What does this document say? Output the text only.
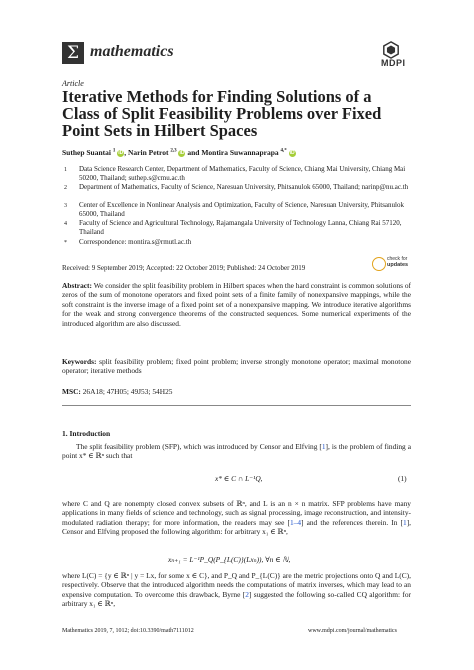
Σ mathematics
MDPI
Article
Iterative Methods for Finding Solutions of a Class of Split Feasibility Problems over Fixed Point Sets in Hilbert Spaces
Suthep Suantai $^1$ iD, Narin Petrot $^{2,3}$ iD and Montira Suwannaprapa $^{4,*}$ iD
1 Data Science Research Center, Department of Mathematics, Faculty of Science, Chiang Mai University, Chiang Mai 50200, Thailand; suthep.s@cmu.ac.th
2 Department of Mathematics, Faculty of Science, Naresuan University, Phitsanulok 65000, Thailand; narinp@nu.ac.th
3 Center of Excellence in Nonlinear Analysis and Optimization, Faculty of Science, Naresuan University, Phitsanulok 65000, Thailand
4 Faculty of Science and Agricultural Technology, Rajamangala University of Technology Lanna, Chiang Rai 57120, Thailand
* Correspondence: montira.s@rmutl.ac.th
Received: 9 September 2019; Accepted: 22 October 2019; Published: 24 October 2019
check for
updates
Abstract: We consider the split feasibility problem in Hilbert spaces when the hard constraint is common solutions of zeros of the sum of monotone operators and fixed point sets of a finite family of nonexpansive mappings, while the soft constraint is the inverse image of a fixed point set of a nonexpansive mapping. We introduce iterative algorithms for the weak and strong convergence theorems of the constructed sequences. Some numerical experiments of the introduced algorithm are also discussed.
Keywords: split feasibility problem; fixed point problem; inverse strongly monotone operator; maximal monotone operator; iterative methods
MSC: 26A18; 47H05; 49J53; 54H25
1. Introduction
The split feasibility problem (SFP), which was introduced by Censor and Elfving [1], is the problem of finding a point x* ∈ ℝⁿ such that
x* ∈ C ∩ L⁻¹Q,	(1)
where C and Q are nonempty closed convex subsets of ℝⁿ, and L is an n × n matrix. SFP problems have many applications in many fields of science and technology, such as signal processing, image reconstruction, and intensity-modulated radiation therapy; for more information, the readers may see [1–4] and the references therein. In [1], Censor and Elfving proposed the following algorithm: for arbitrary x₁ ∈ ℝⁿ,
xₙ₊₁ = L⁻¹P_Q(P_{L(C)}(Lxₙ)), ∀n ∈ ℕ,
where L(C) = {y ∈ ℝⁿ | y = Lx, for some x ∈ C}, and P_Q and P_{L(C)} are the metric projections onto Q and L(C), respectively. Observe that the introduced algorithm needs the computations of matrix inverses, which may lead to an expensive computation. To overcome this drawback, Byrne [2] suggested the following so-called CQ algorithm: for arbitrary x₁ ∈ ℝⁿ,
Mathematics 2019, 7, 1012; doi:10.3390/math7111012	www.mdpi.com/journal/mathematics
